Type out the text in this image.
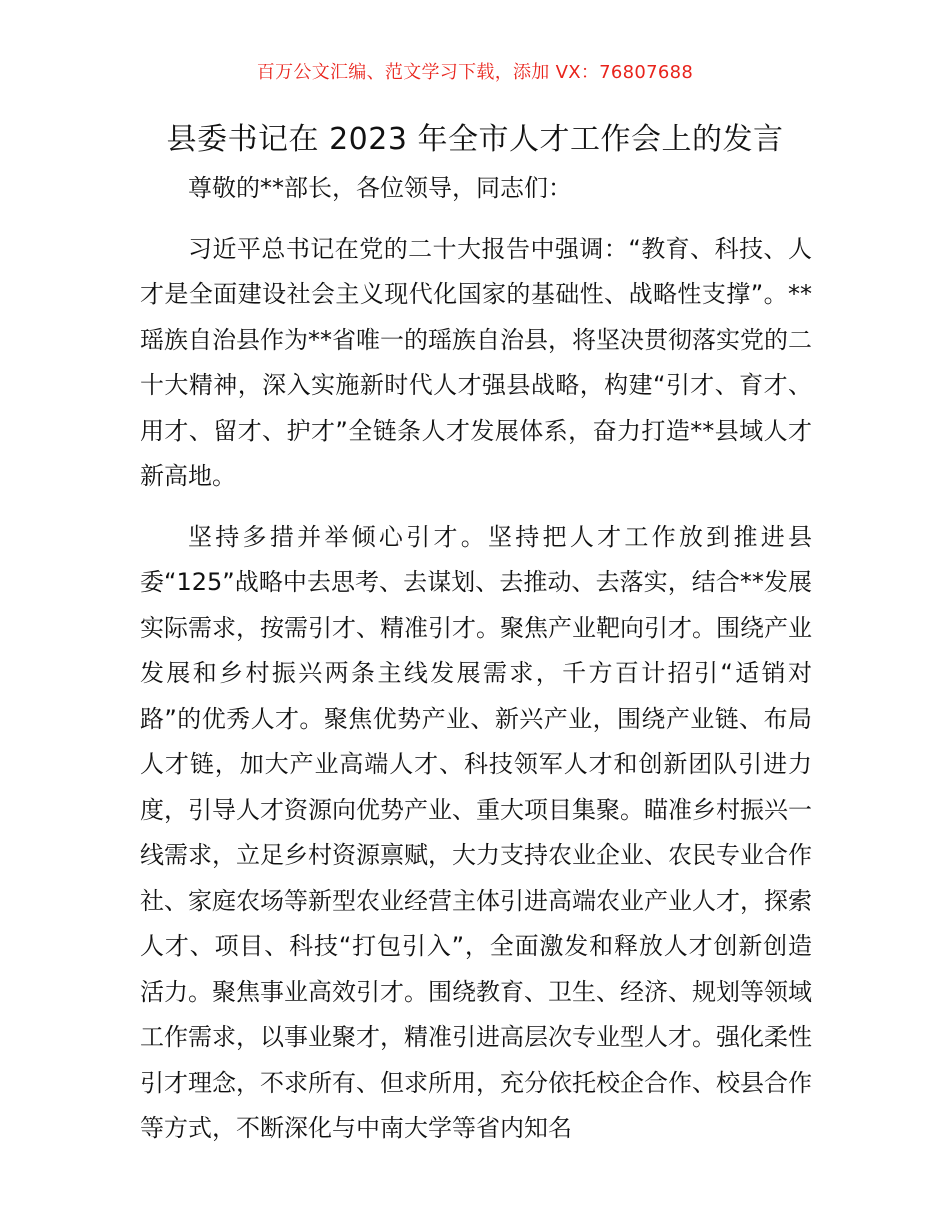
百万公文汇编、范文学习下载，添加 VX：76807688
县委书记在 2023 年全市人才工作会上的发言

尊敬的**部长，各位领导，同志们：

习近平总书记在党的二十大报告中强调：“教育、科技、人才是全面建设社会主义现代化国家的基础性、战略性支撑”。**瑶族自治县作为**省唯一的瑶族自治县，将坚决贯彻落实党的二十大精神，深入实施新时代人才强县战略，构建“引才、育才、用才、留才、护才”全链条人才发展体系，奋力打造**县域人才新高地。

坚持多措并举倾心引才。坚持把人才工作放到推进县委“125”战略中去思考、去谋划、去推动、去落实，结合**发展实际需求，按需引才、精准引才。聚焦产业靶向引才。围绕产业发展和乡村振兴两条主线发展需求，千方百计招引“适销对路”的优秀人才。聚焦优势产业、新兴产业，围绕产业链、布局人才链，加大产业高端人才、科技领军人才和创新团队引进力度，引导人才资源向优势产业、重大项目集聚。瞄准乡村振兴一线需求，立足乡村资源禀赋，大力支持农业企业、农民专业合作社、家庭农场等新型农业经营主体引进高端农业产业人才，探索人才、项目、科技“打包引入”，全面激发和释放人才创新创造活力。聚焦事业高效引才。围绕教育、卫生、经济、规划等领域工作需求，以事业聚才，精准引进高层次专业型人才。强化柔性引才理念，不求所有、但求所用，充分依托校企合作、校县合作等方式，不断深化与中南大学等省内知名
